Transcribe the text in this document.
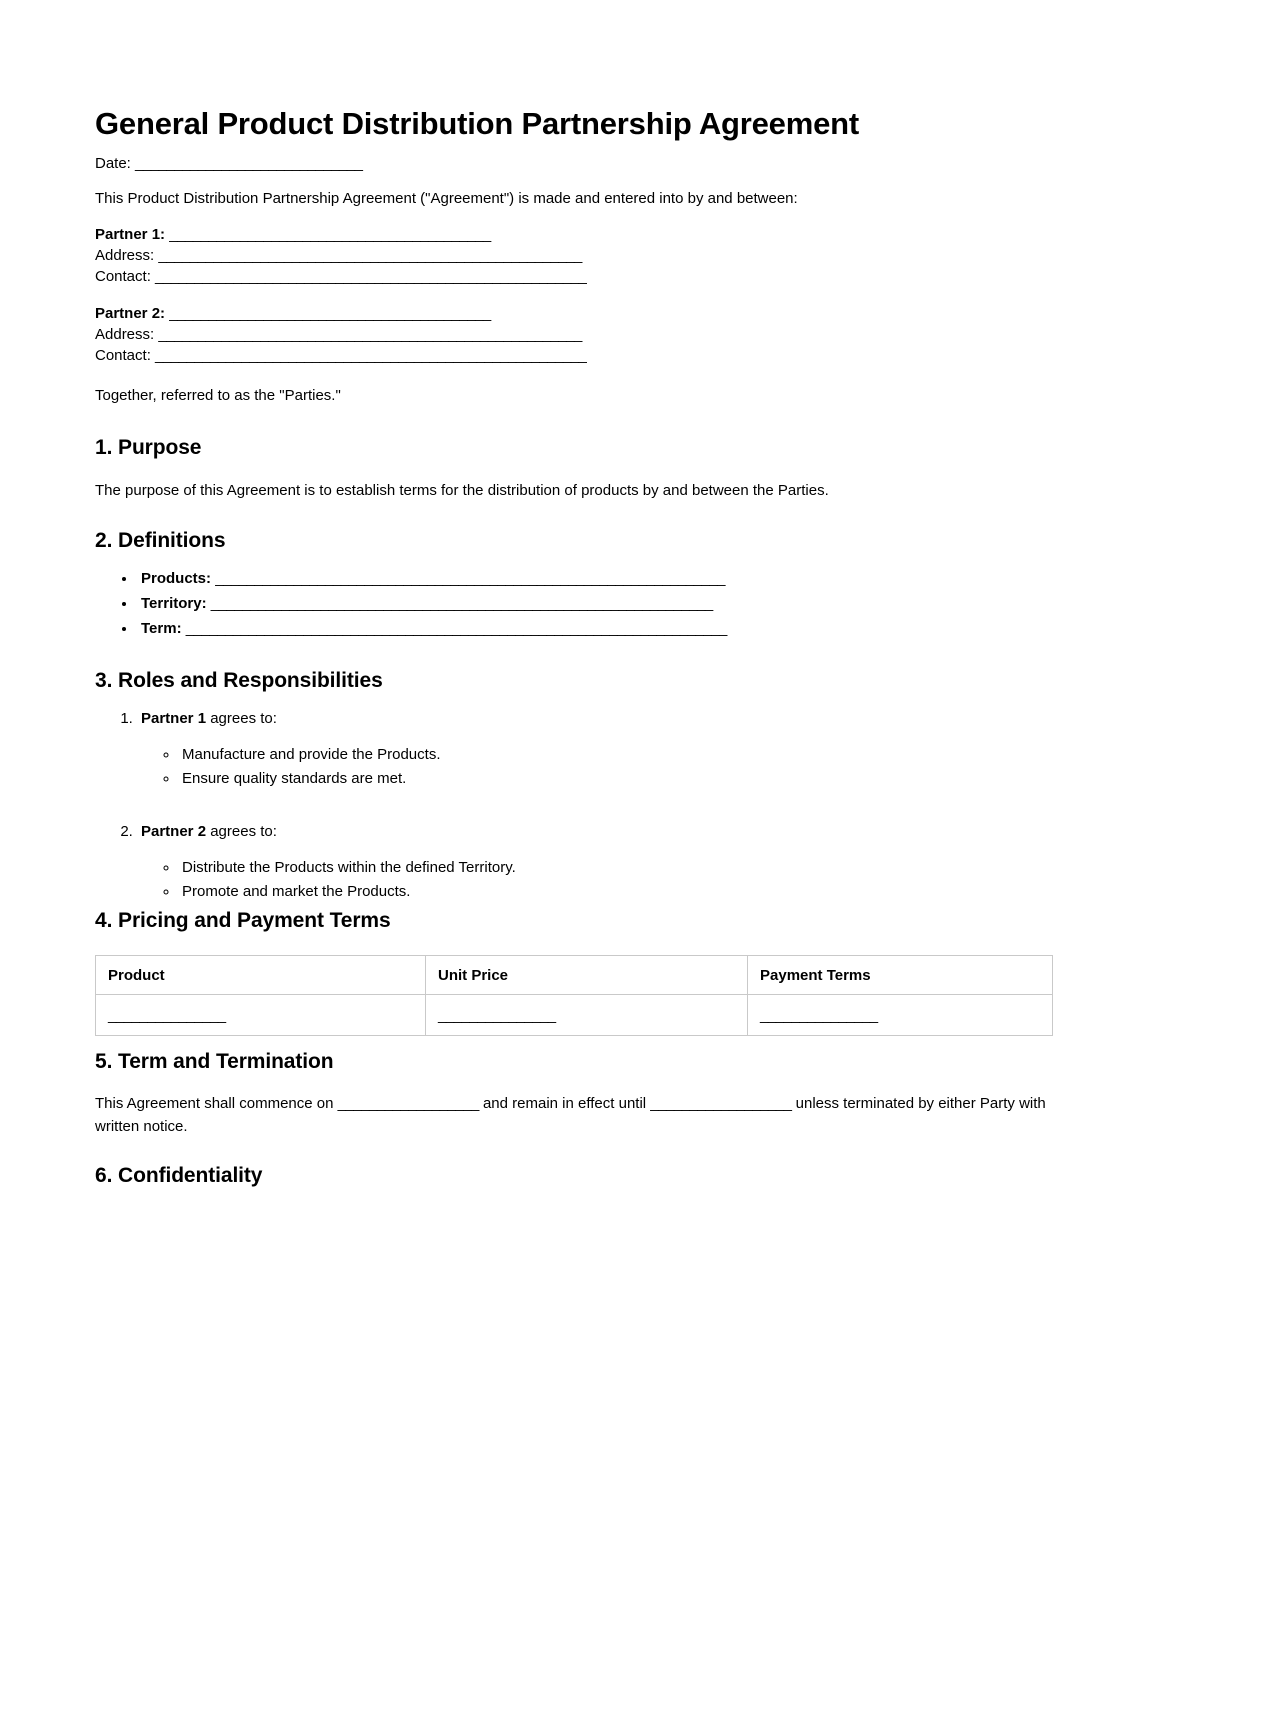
General Product Distribution Partnership Agreement
Date: _____________________________
This Product Distribution Partnership Agreement ("Agreement") is made and entered into by and between:
Partner 1: _________________________________________
Address: ______________________________________________________
Contact: _______________________________________________________
Partner 2: _________________________________________
Address: ______________________________________________________
Contact: _______________________________________________________
Together, referred to as the "Parties."
1. Purpose
The purpose of this Agreement is to establish terms for the distribution of products by and between the Parties.
2. Definitions
• Products: _________________________________________________________________
• Territory: ________________________________________________________________
• Term: _____________________________________________________________________
3. Roles and Responsibilities
1. Partner 1 agrees to:
◦ Manufacture and provide the Products.
◦ Ensure quality standards are met.
2. Partner 2 agrees to:
◦ Distribute the Products within the defined Territory.
◦ Promote and market the Products.
4. Pricing and Payment Terms
Product	Unit Price	Payment Terms
_______________	_______________	_______________
5. Term and Termination
This Agreement shall commence on __________________ and remain in effect until __________________ unless terminated by either Party with written notice.
6. Confidentiality
